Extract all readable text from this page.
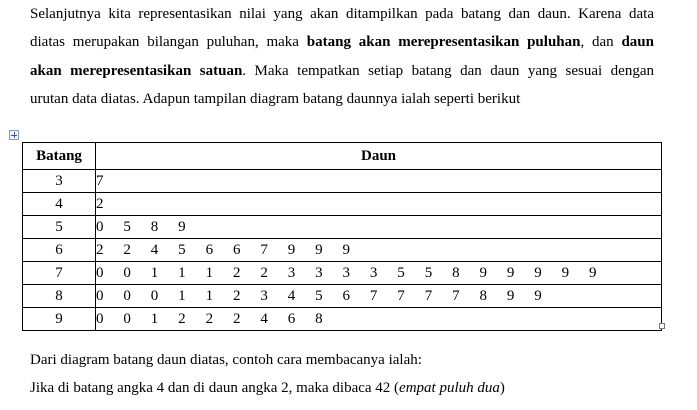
Selanjutnya kita representasikan nilai yang akan ditampilkan pada batang dan daun. Karena data
diatas merupakan bilangan puluhan, maka batang akan merepresentasikan puluhan, dan daun
akan merepresentasikan satuan. Maka tempatkan setiap batang dan daun yang sesuai dengan
urutan data diatas. Adapun tampilan diagram batang daunnya ialah seperti berikut
Batang	Daun
3	7
4	2
5	0 5 8 9
6	2 2 4 5 6 6 7 9 9 9
7	0 0 1 1 1 2 2 3 3 3 3 5 5 8 9 9 9 9 9
8	0 0 0 1 1 2 3 4 5 6 7 7 7 7 8 9 9
9	0 0 1 2 2 2 4 6 8
Dari diagram batang daun diatas, contoh cara membacanya ialah:
Jika di batang angka 4 dan di daun angka 2, maka dibaca 42 (empat puluh dua)
